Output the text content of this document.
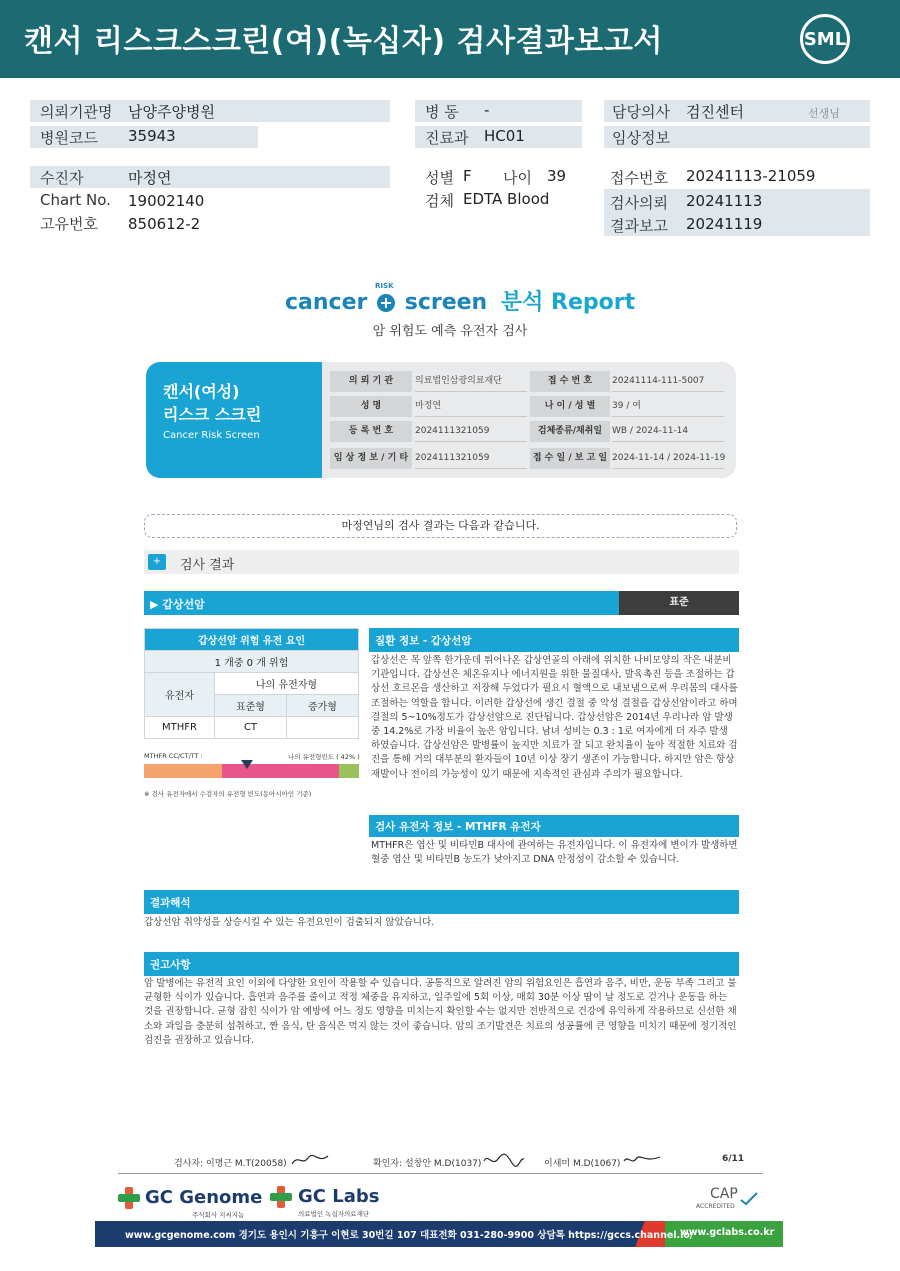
캔서 리스크스크린(여)(녹십자) 검사결과보고서	SML
의뢰기관명 남양주양병원
병원코드 35943
수진자	마정연
Chart No. 19002140
고유번호 850612-2
병 동 -
진료과 HC01
성별 F 나이 39
검체 EDTA Blood
담당의사 검진센터	선생님
임상정보
접수번호 20241113-21059
검사의뢰 20241113
결과보고 20241119
cancer
RISK
screen 분석 Report
암 위험도 예측 유전자 검사
캔서(여성)
리스크 스크린
Cancer Risk Screen
의 뢰 기 관	의료법인삼광의료재단	접 수 번 호	20241114-111-5007
성 명	마정연	나 이 / 성 별	39 / 여
등 록 번 호	2024111321059	검체종류/채취일	WB / 2024-11-14
임 상 정 보 / 기 타 2024111321059	접 수 일 / 보 고 일 2024-11-14 / 2024-11-19
마정연님의 검사 결과는 다음과 같습니다.
+	검사 결과
▶ 갑상선암	표준
갑상선암 위험 유전 요인		
1 개중 0 개 위험		
유전자	나의 유전자형	
	표준형	증가형
MTHFR	CT	
MTHFR CC/CT/TT :	나의 유전형빈도 ( 42% )
※ 검사 유전자에서 수검자의 유전형 빈도(동아시아인 기준)
질환 정보 - 갑상선암
갑상선은 목 앞쪽 한가운데 튀어나온 갑상연골의 아래에 위치한 나비모양의 작은 내분비기관입니다. 갑상선은 체온유지나 에너지원을 위한 물질대사, 발육촉진 등을 조절하는 갑상선 호르몬을 생산하고 저장해 두었다가 필요시 혈액으로 내보냄으로써 우리몸의 대사를 조절하는 역할을 합니다. 이러한 갑상선에 생긴 결절 중 악성 결절을 갑상선암이라고 하며 결절의 5~10%정도가 갑상선암으로 진단됩니다. 갑상선암은 2014년 우리나라 암 발생중 14.2%로 가장 비율이 높은 암입니다. 남녀 성비는 0.3 : 1로 여자에게 더 자주 발생 하였습니다. 갑상선암은 발병률이 높지만 치료가 잘 되고 완치율이 높아 적절한 치료와 검진을 통해 거의 대부분의 환자들이 10년 이상 장기 생존이 가능합니다. 하지만 암은 항상 재발이나 전이의 가능성이 있기 때문에 지속적인 관심과 주의가 필요합니다.
검사 유전자 정보 - MTHFR 유전자
MTHFR은 엽산 및 비타민B 대사에 관여하는 유전자입니다. 이 유전자에 변이가 발생하면 혈중 엽산 및 비타민B 농도가 낮아지고 DNA 안정성이 감소할 수 있습니다.
결과해석
갑상선암 취약성을 상승시킬 수 있는 유전요인이 검출되지 않았습니다.
권고사항
암 발병에는 유전적 요인 이외에 다양한 요인이 작용할 수 있습니다. 공통적으로 알려진 암의 위험요인은 흡연과 음주, 비만, 운동 부족 그리고 불균형한 식이가 있습니다. 흡연과 음주를 줄이고 적정 체중을 유지하고, 일주일에 5회 이상, 매회 30분 이상 땀이 날 정도로 걷거나 운동을 하는 것을 권장합니다. 균형 잡힌 식이가 암 예방에 어느 정도 영향을 미치는지 확인할 수는 없지만 전반적으로 건강에 유익하게 작용하므로 신선한 채소와 과일을 충분히 섭취하고, 짠 음식, 탄 음식은 먹지 않는 것이 좋습니다. 암의 조기발견은 치료의 성공률에 큰 영향을 미치기 때문에 정기적인 검진을 권장하고 있습니다.
검사자: 이명근 M.T(20058)	확인자: 설창안 M.D(1037)	이새미 M.D(1067)	6/11
GC Genome
주식회사 지씨지놈
GC Labs
의료법인 녹십자의료재단
CAP
ACCREDITED
www.gcgenome.com 경기도 용인시 기흥구 이현로 30번길 107 대표전화 031-280-9900 상담톡 https://gccs.channel.io/
www.gclabs.co.kr
